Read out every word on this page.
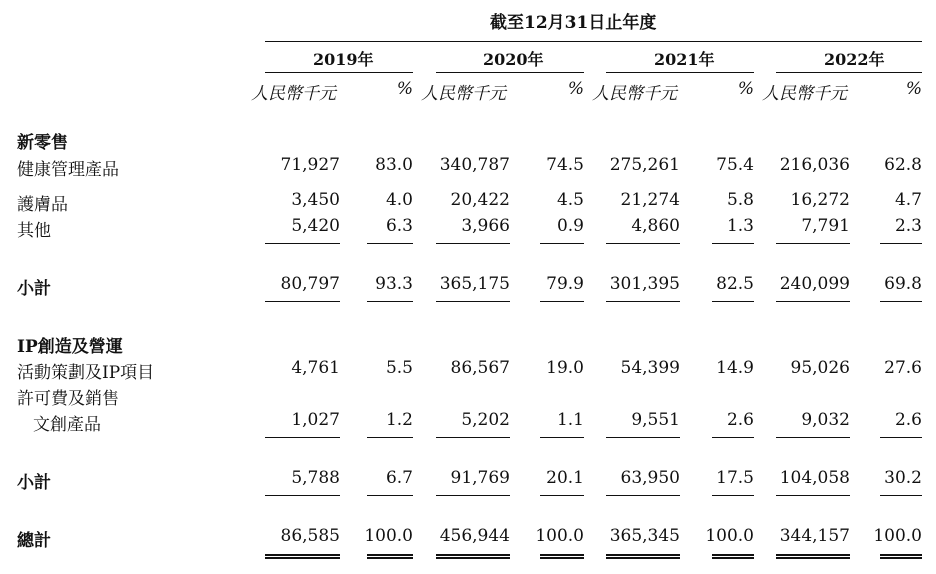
截至12月31日止年度
2019年	2020年	2021年	2022年
人民幣千元	% 人民幣千元	% 人民幣千元	% 人民幣千元	%
新零售
健康管理產品	71,927 83.0 340,787 74.5 275,261 75.4 216,036 62.8
護膚品	3,450	4.0 20,422	4.5 21,274	5.8 16,272	4.7
其他	5,420	6.3	3,966	0.9	4,860	1.3	7,791	2.3
小計	80,797 93.3 365,175 79.9 301,395 82.5 240,099 69.8
IP創造及營運
活動策劃及IP項目	4,761	5.5 86,567 19.0 54,399 14.9 95,026 27.6
許可費及銷售
文創產品	1,027	1.2	5,202	1.1	9,551	2.6	9,032	2.6
小計	5,788	6.7 91,769 20.1 63,950 17.5 104,058 30.2
總計	86,585 100.0 456,944 100.0 365,345 100.0 344,157 100.0
